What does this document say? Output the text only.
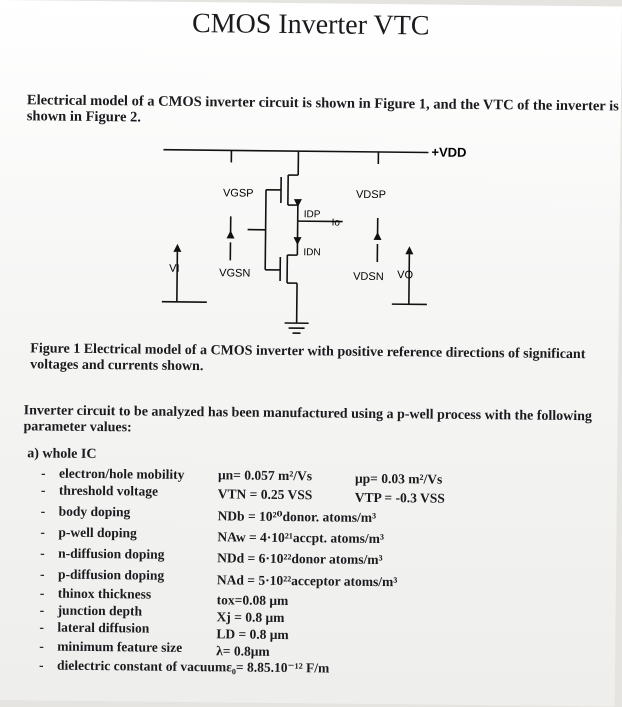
CMOS Inverter VTC
Electrical model of a CMOS inverter circuit is shown in Figure 1, and the VTC of the inverter is shown in Figure 2.
VGSP	VDSP
IDP
Io
IDN
VI	VGSN	VDSN VO
+VDD
Figure 1 Electrical model of a CMOS inverter with positive reference directions of significant voltages and currents shown.
Inverter circuit to be analyzed has been manufactured using a p-well process with the following parameter values:
a) whole IC
- electron/hole mobility μn= 0.057 m²/Vs	μp= 0.03 m²/Vs
- threshold voltage	VTN = 0.25 VSS	VTP = -0.3 VSS
- body doping	NDb = 10²⁰donor. atoms/m³
- p-well doping	NAw = 4·10²¹accpt. atoms/m³
- n-diffusion doping	NDd = 6·10²²donor atoms/m³
- p-diffusion doping	NAd = 5·10²²acceptor atoms/m³
- thinox thickness	tox=0.08 μm
- junction depth	Xj = 0.8 μm
- lateral diffusion	LD = 0.8 μm
- minimum feature size	λ= 0.8μm
- dielectric constant of vacuumε₀= 8.85.10⁻¹² F/m
